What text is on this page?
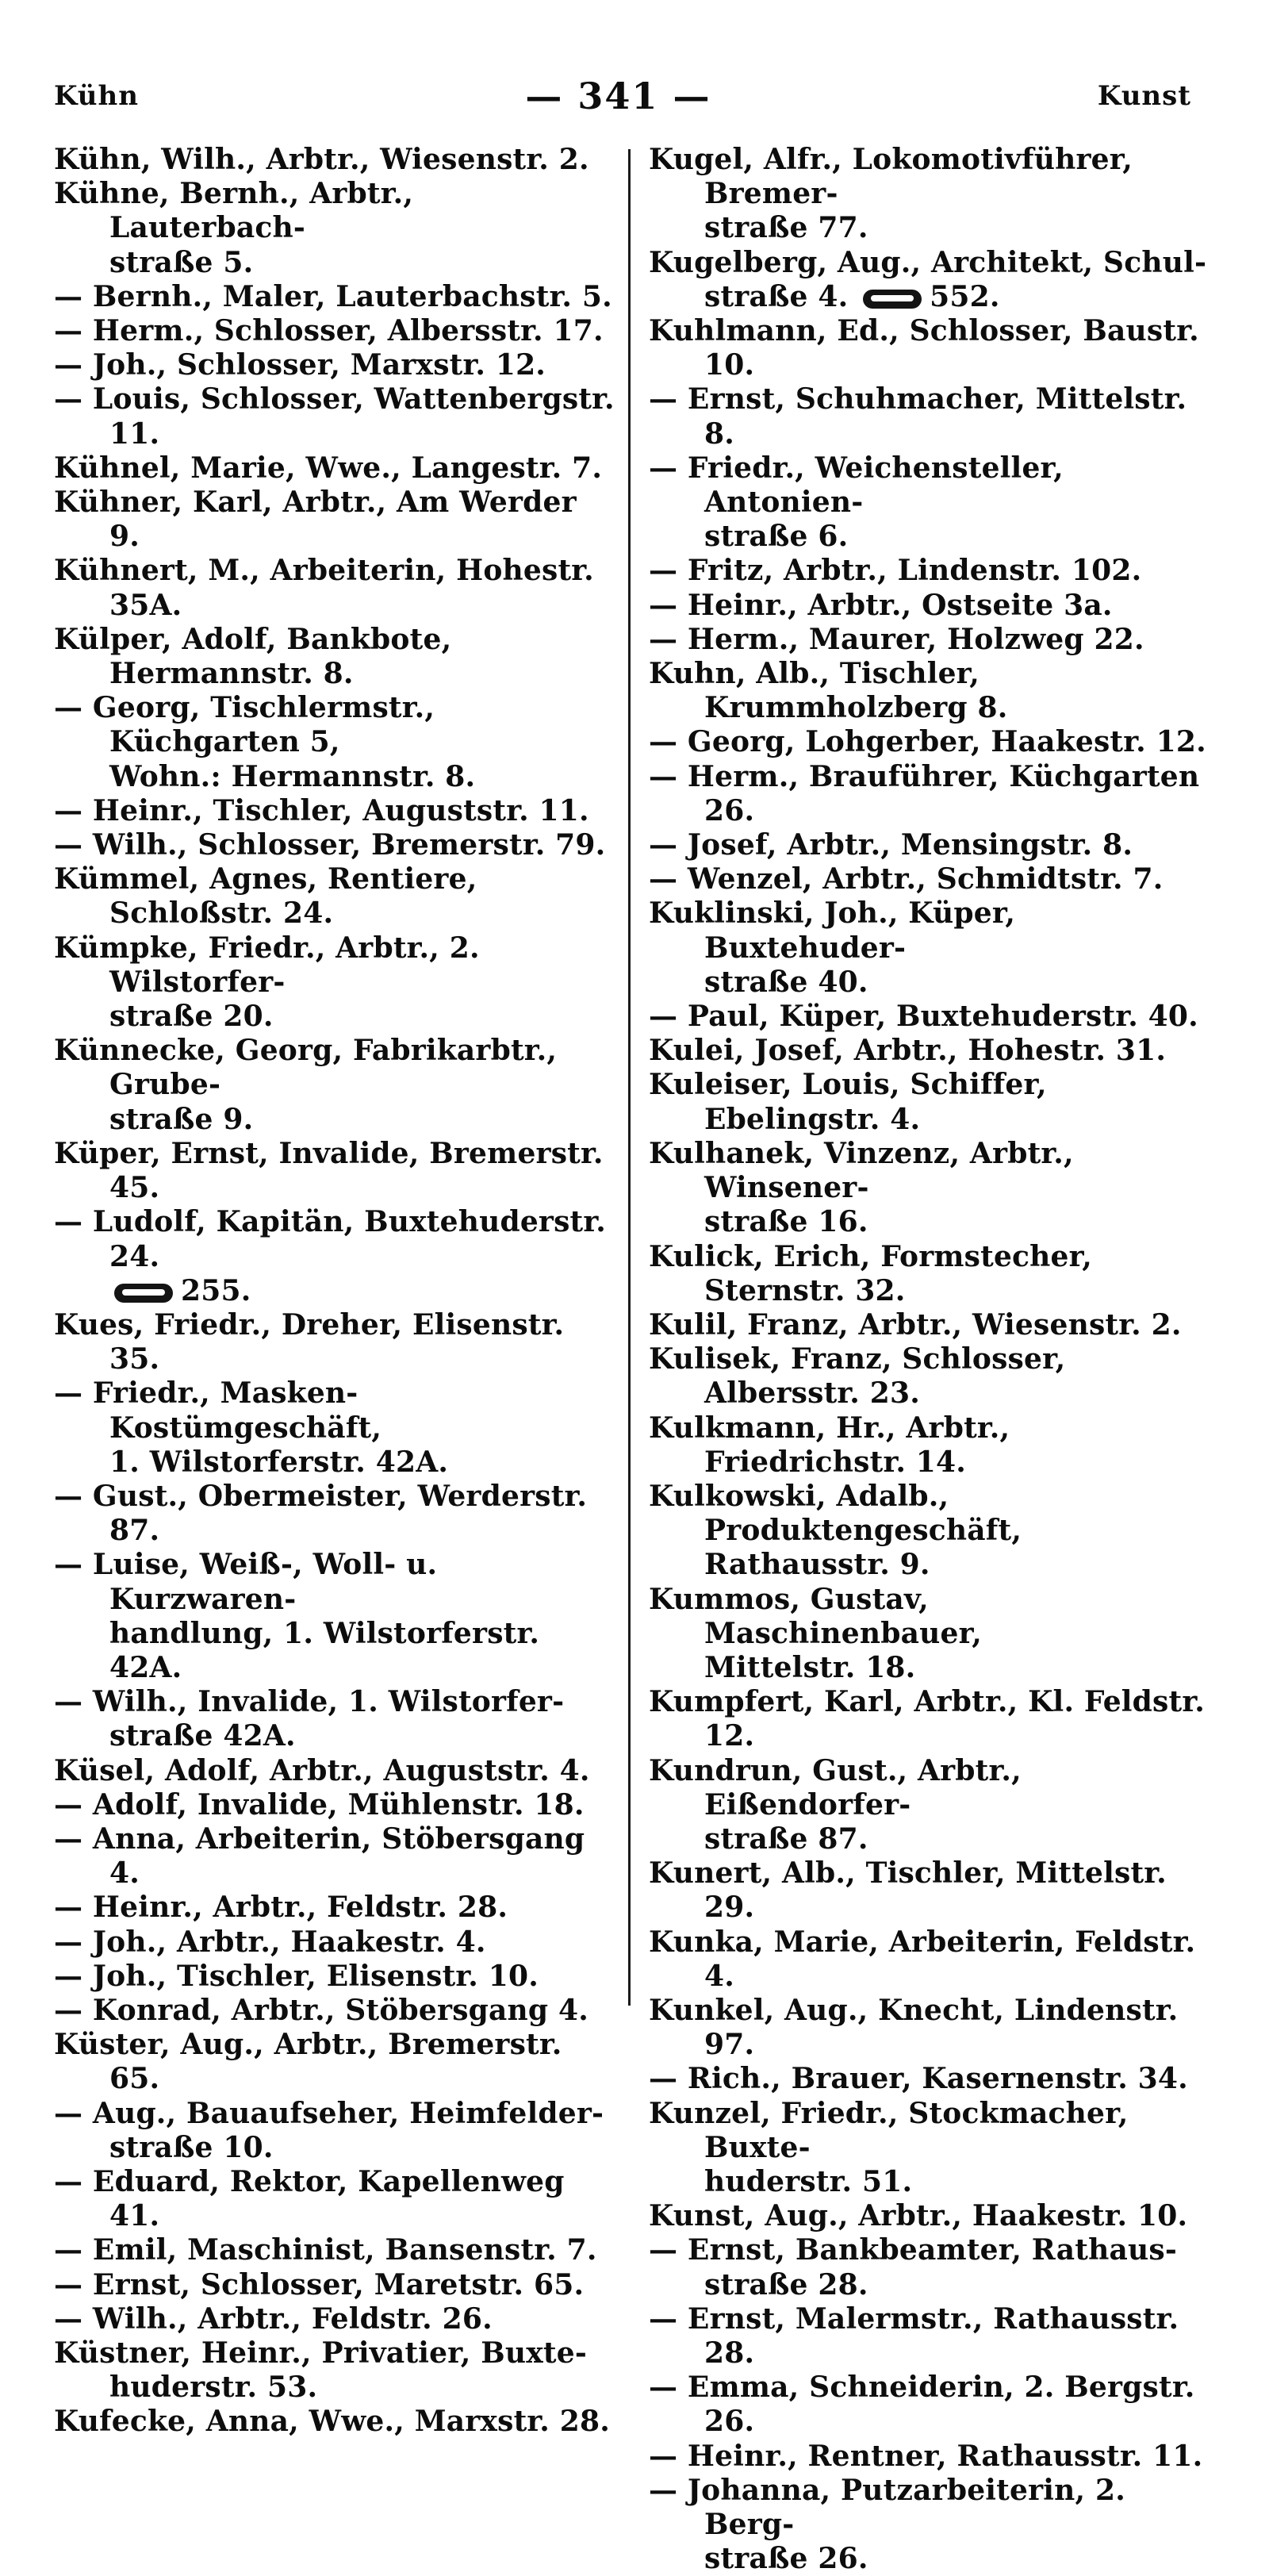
Kühn	— 341 —	Kunst

Kühn, Wilh., Arbtr., Wiesenstr. 2.

Kühne, Bernh., Arbtr., Lauterbach-
straße 5.

— Bernh., Maler, Lauterbachstr. 5.

— Herm., Schlosser, Albersstr. 17.

— Joh., Schlosser, Marxstr. 12.

— Louis, Schlosser, Wattenbergstr. 11.

Kühnel, Marie, Wwe., Langestr. 7.

Kühner, Karl, Arbtr., Am Werder 9.

Kühnert, M., Arbeiterin, Hohestr. 35A.

Külper, Adolf, Bankbote, Hermannstr. 8.

— Georg, Tischlermstr., Küchgarten 5,
Wohn.: Hermannstr. 8.

— Heinr., Tischler, Auguststr. 11.

— Wilh., Schlosser, Bremerstr. 79.

Kümmel, Agnes, Rentiere, Schloßstr. 24.

Kümpke, Friedr., Arbtr., 2. Wilstorfer-
straße 20.

Künnecke, Georg, Fabrikarbtr., Grube-
straße 9.

Küper, Ernst, Invalide, Bremerstr. 45.

— Ludolf, Kapitän, Buxtehuderstr. 24.
255.

Kues, Friedr., Dreher, Elisenstr. 35.

— Friedr., Masken-Kostümgeschäft,
1. Wilstorferstr. 42A.

— Gust., Obermeister, Werderstr. 87.

— Luise, Weiß-, Woll- u. Kurzwaren-
handlung, 1. Wilstorferstr. 42A.

— Wilh., Invalide, 1. Wilstorfer-
straße 42A.

Küsel, Adolf, Arbtr., Auguststr. 4.

— Adolf, Invalide, Mühlenstr. 18.

— Anna, Arbeiterin, Stöbersgang 4.

— Heinr., Arbtr., Feldstr. 28.

— Joh., Arbtr., Haakestr. 4.

— Joh., Tischler, Elisenstr. 10.

— Konrad, Arbtr., Stöbersgang 4.

Küster, Aug., Arbtr., Bremerstr. 65.

— Aug., Bauaufseher, Heimfelder-
straße 10.

— Eduard, Rektor, Kapellenweg 41.

— Emil, Maschinist, Bansenstr. 7.

— Ernst, Schlosser, Maretstr. 65.

— Wilh., Arbtr., Feldstr. 26.

Küstner, Heinr., Privatier, Buxte-
huderstr. 53.

Kufecke, Anna, Wwe., Marxstr. 28.

Kugel, Alfr., Lokomotivführer, Bremer-
straße 77.

Kugelberg, Aug., Architekt, Schul-
straße 4.	552.

Kuhlmann, Ed., Schlosser, Baustr. 10.

— Ernst, Schuhmacher, Mittelstr. 8.

— Friedr., Weichensteller, Antonien-
straße 6.

— Fritz, Arbtr., Lindenstr. 102.

— Heinr., Arbtr., Ostseite 3a.

— Herm., Maurer, Holzweg 22.

Kuhn, Alb., Tischler, Krummholzberg 8.

— Georg, Lohgerber, Haakestr. 12.

— Herm., Brauführer, Küchgarten 26.

— Josef, Arbtr., Mensingstr. 8.

— Wenzel, Arbtr., Schmidtstr. 7.

Kuklinski, Joh., Küper, Buxtehuder-
straße 40.

— Paul, Küper, Buxtehuderstr. 40.

Kulei, Josef, Arbtr., Hohestr. 31.

Kuleiser, Louis, Schiffer, Ebelingstr. 4.

Kulhanek, Vinzenz, Arbtr., Winsener-
straße 16.

Kulick, Erich, Formstecher, Sternstr. 32.

Kulil, Franz, Arbtr., Wiesenstr. 2.

Kulisek, Franz, Schlosser, Albersstr. 23.

Kulkmann, Hr., Arbtr., Friedrichstr. 14.

Kulkowski, Adalb., Produktengeschäft,
Rathausstr. 9.

Kummos, Gustav, Maschinenbauer,
Mittelstr. 18.

Kumpfert, Karl, Arbtr., Kl. Feldstr. 12.

Kundrun, Gust., Arbtr., Eißendorfer-
straße 87.

Kunert, Alb., Tischler, Mittelstr. 29.

Kunka, Marie, Arbeiterin, Feldstr. 4.

Kunkel, Aug., Knecht, Lindenstr. 97.

— Rich., Brauer, Kasernenstr. 34.

Kunzel, Friedr., Stockmacher, Buxte-
huderstr. 51.

Kunst, Aug., Arbtr., Haakestr. 10.

— Ernst, Bankbeamter, Rathaus-
straße 28.

— Ernst, Malermstr., Rathausstr. 28.

— Emma, Schneiderin, 2. Bergstr. 26.

— Heinr., Rentner, Rathausstr. 11.

— Johanna, Putzarbeiterin, 2. Berg-
straße 26.
